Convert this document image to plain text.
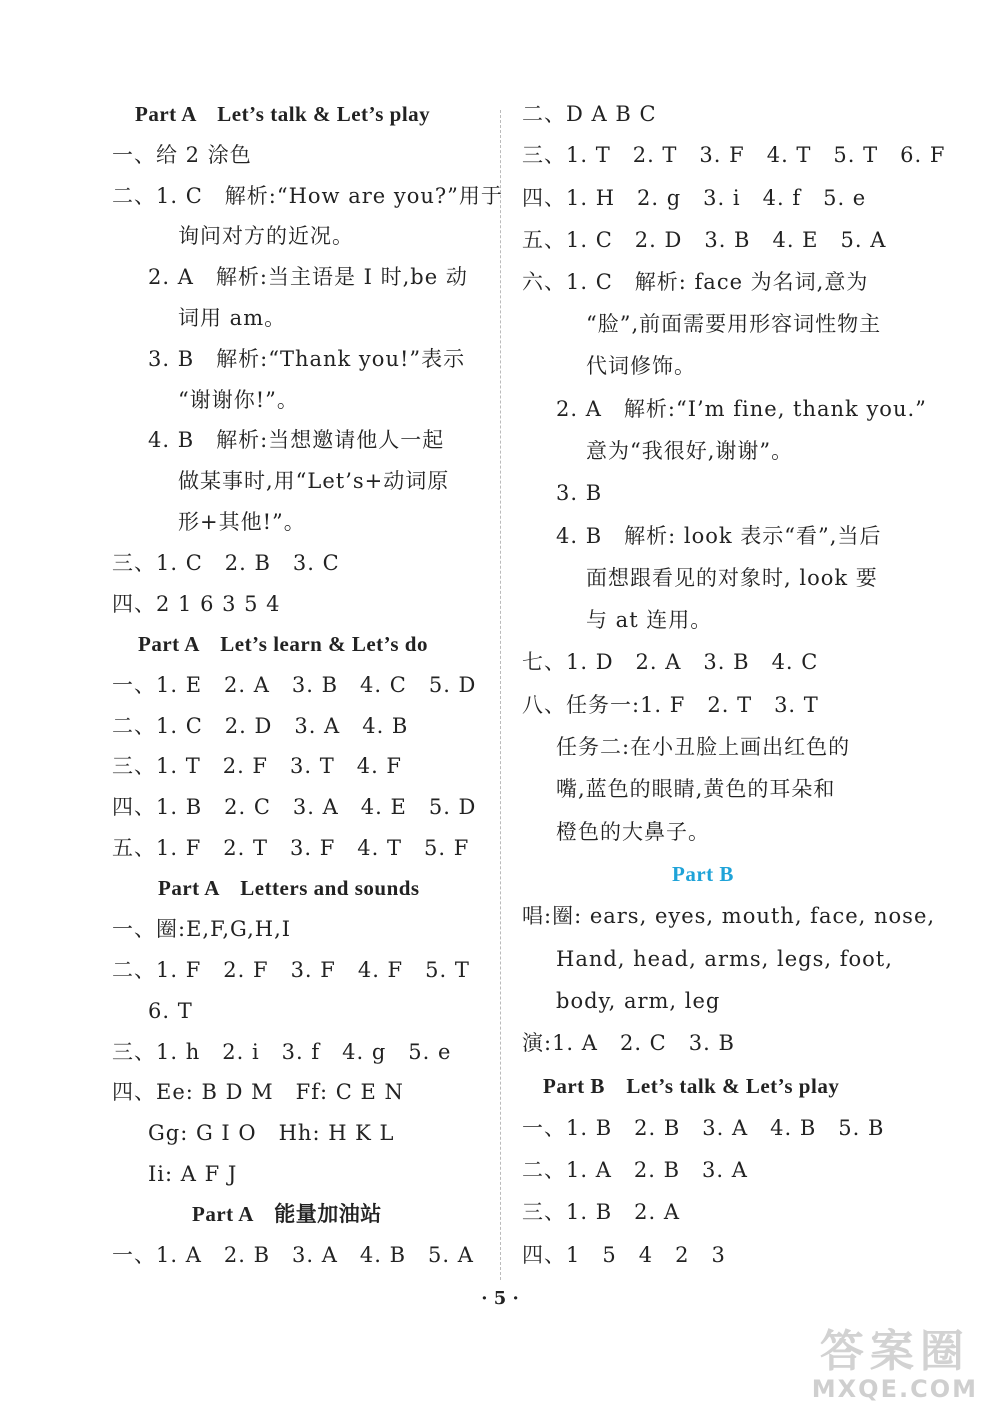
Part A　Let’s talk & Let’s play
一、给 2 涂色
二、1. C　解析:“How are you?”用于
询问对方的近况。
2. A　解析:当主语是 I 时,be 动
词用 am。
3. B　解析:“Thank you!”表示
“谢谢你!”。
4. B　解析:当想邀请他人一起
做某事时,用“Let’s+动词原
形+其他!”。
三、1. C　2. B　3. C
四、2 1 6 3 5 4
Part A　Let’s learn & Let’s do
一、1. E　2. A　3. B　4. C　5. D
二、1. C　2. D　3. A　4. B
三、1. T　2. F　3. T　4. F
四、1. B　2. C　3. A　4. E　5. D
五、1. F　2. T　3. F　4. T　5. F
Part A　Letters and sounds
一、圈:E,F,G,H,I
二、1. F　2. F　3. F　4. F　5. T
6. T
三、1. h　2. i　3. f　4. g　5. e
四、Ee: B D M　Ff: C E N
Gg: G I O　Hh: H K L
Ii: A F J
Part A　能量加油站
一、1. A　2. B　3. A　4. B　5. A
二、D A B C
三、1. T　2. T　3. F　4. T　5. T　6. F
四、1. H　2. g　3. i　4. f　5. e
五、1. C　2. D　3. B　4. E　5. A
六、1. C　解析: face 为名词,意为
“脸”,前面需要用形容词性物主
代词修饰。
2. A　解析:“I’m fine, thank you.”
意为“我很好,谢谢”。
3. B
4. B　解析: look 表示“看”,当后
面想跟看见的对象时, look 要
与 at 连用。
七、1. D　2. A　3. B　4. C
八、任务一:1. F　2. T　3. T
任务二:在小丑脸上画出红色的
嘴,蓝色的眼睛,黄色的耳朵和
橙色的大鼻子。
Part B
唱:圈: ears, eyes, mouth, face, nose,
Hand, head, arms, legs, foot,
body, arm, leg
演:1. A　2. C　3. B
Part B　Let’s talk & Let’s play
一、1. B　2. B　3. A　4. B　5. B
二、1. A　2. B　3. A
三、1. B　2. A
四、1　5　4　2　3
· 5 ·
答案圈
MXQE.COM
